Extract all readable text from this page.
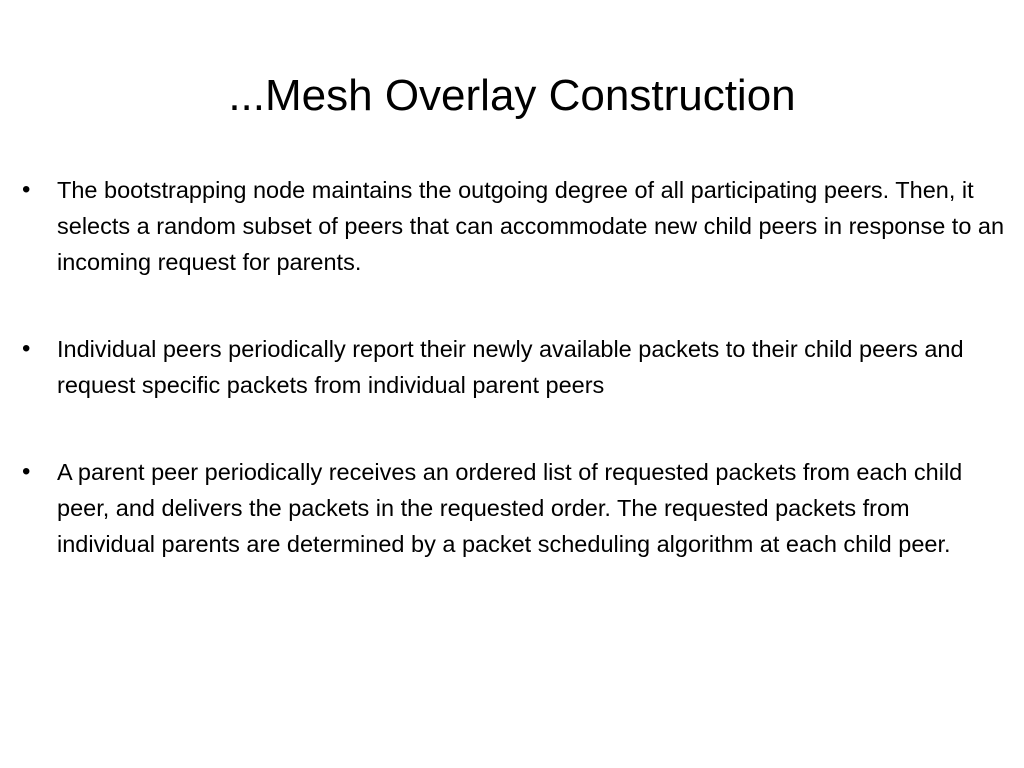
...Mesh Overlay Construction
• The bootstrapping node maintains the outgoing degree of all participating peers. Then, it selects a random subset of peers that can accommodate new child peers in response to an incoming request for parents.
• Individual peers periodically report their newly available packets to their child peers and request specific packets from individual parent peers
• A parent peer periodically receives an ordered list of requested packets from each child peer, and delivers the packets in the requested order. The requested packets from individual parents are determined by a packet scheduling algorithm at each child peer.
